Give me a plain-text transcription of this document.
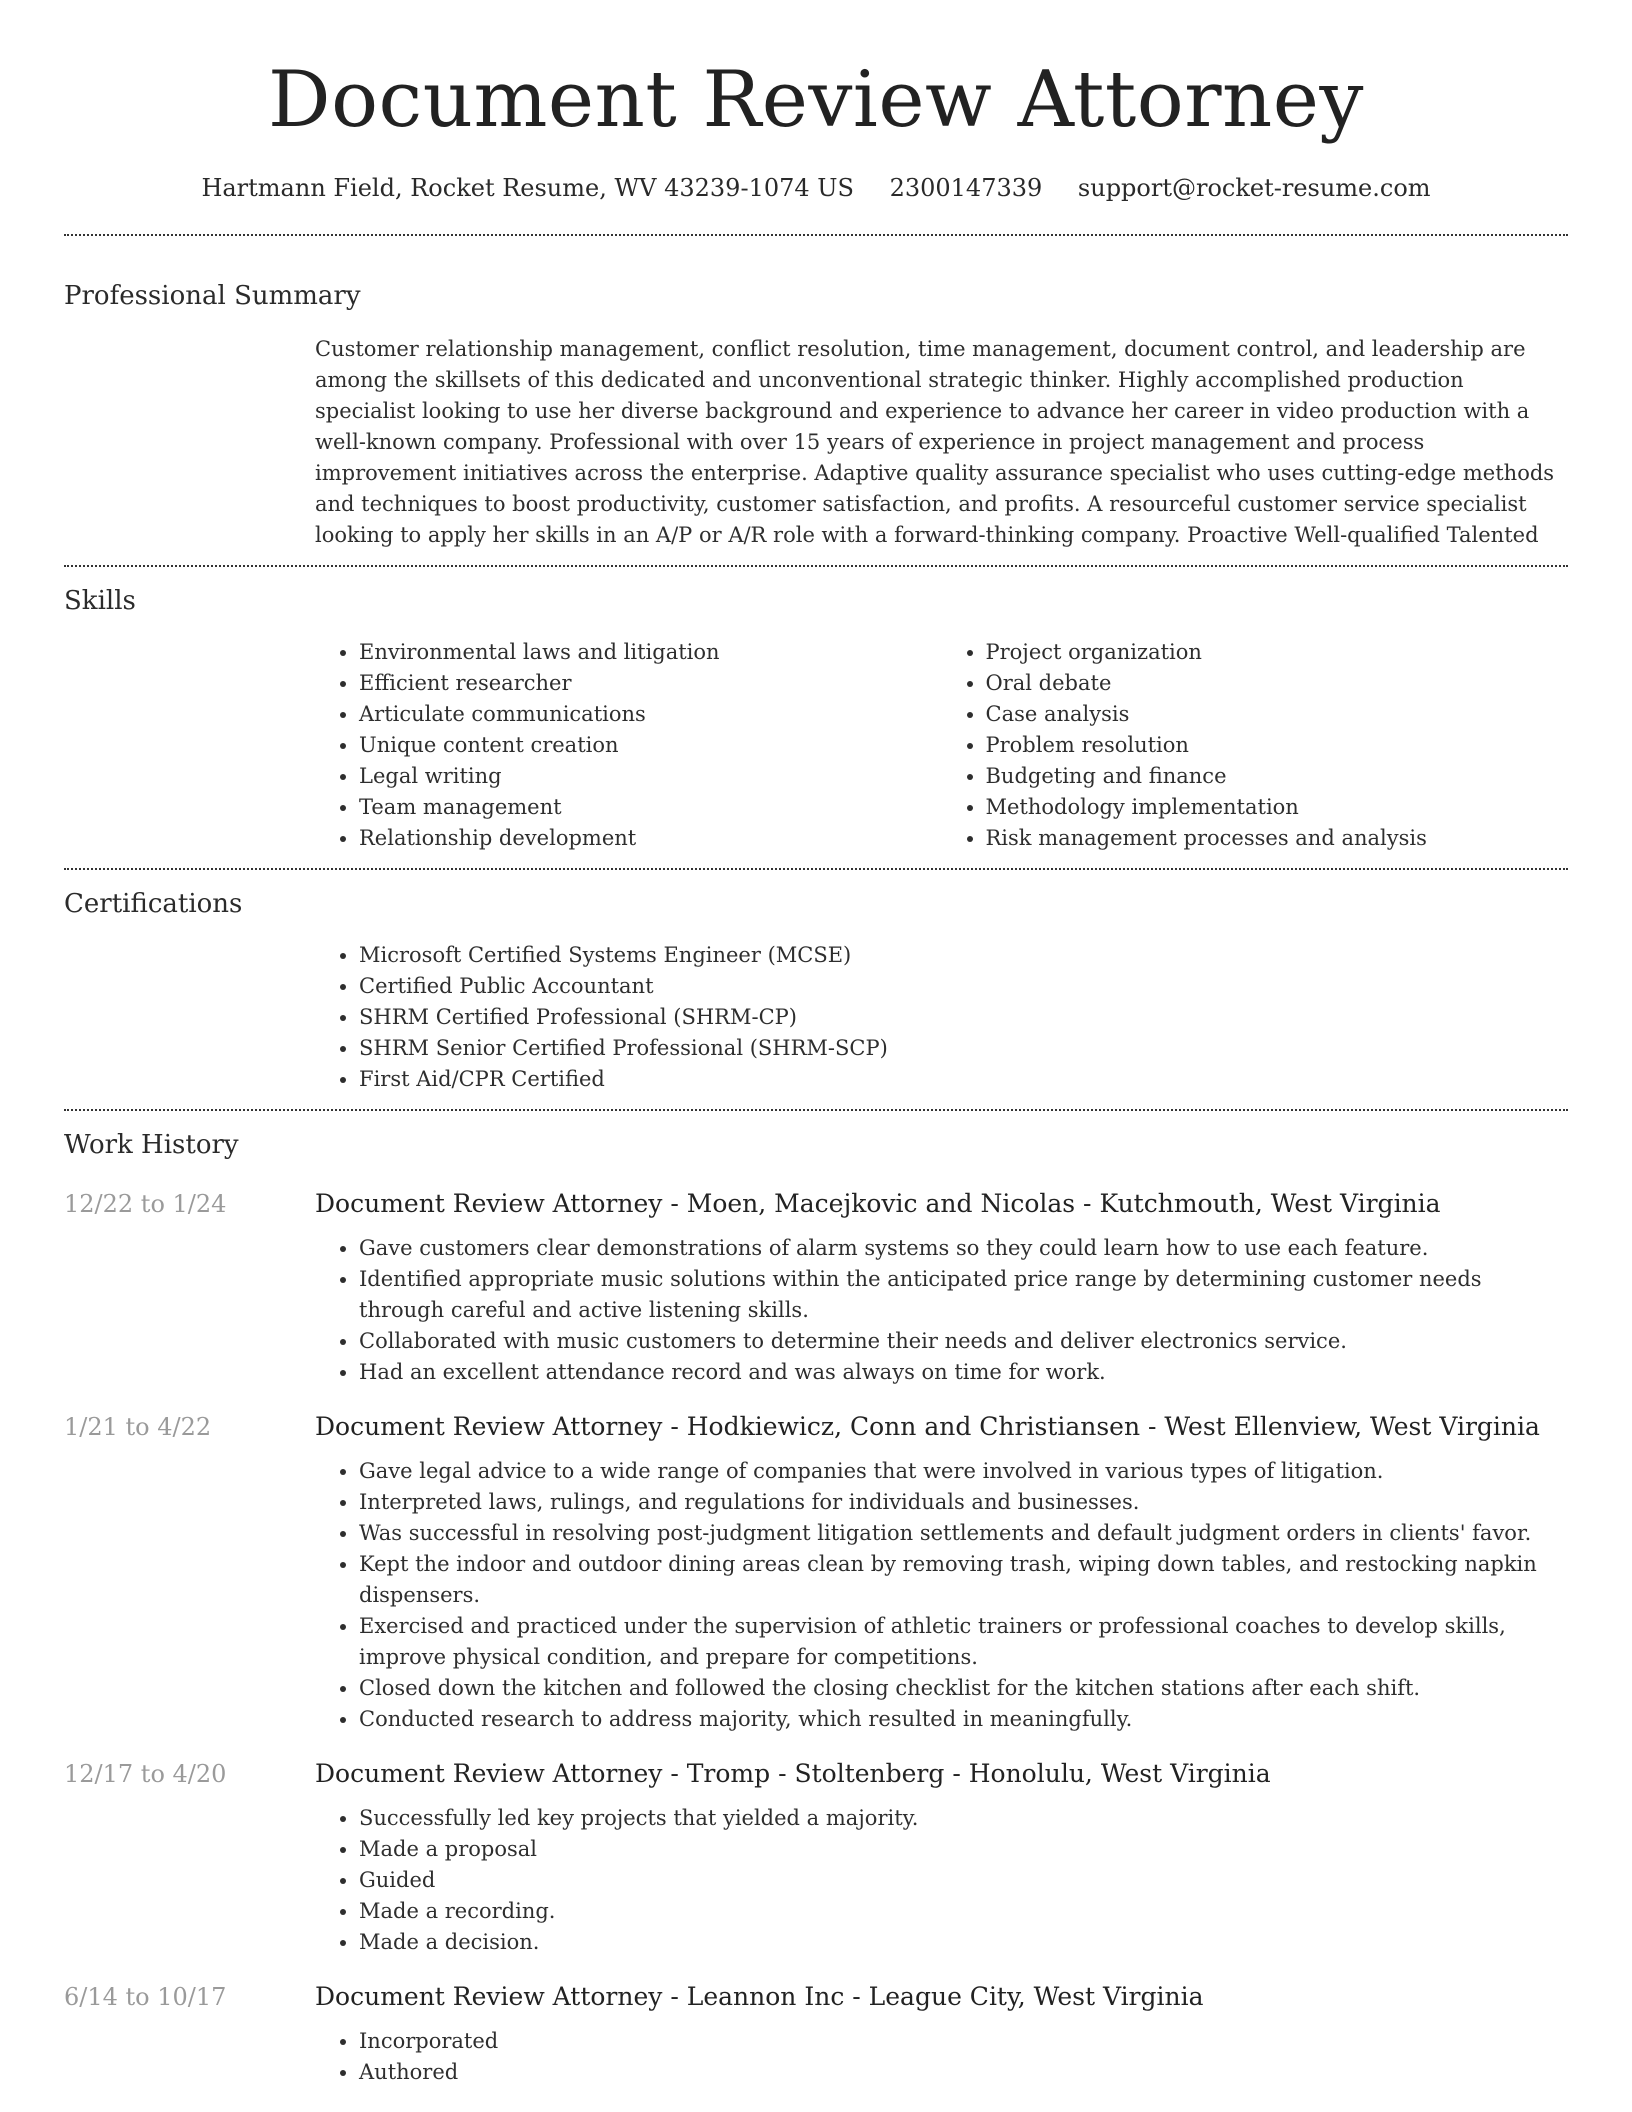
Document Review Attorney
Hartmann Field, Rocket Resume, WV 43239-1074 US 2300147339 support@rocket-resume.com
Professional Summary

Customer relationship management, conflict resolution, time management, document control, and leadership are among the skillsets of this dedicated and unconventional strategic thinker. Highly accomplished production specialist looking to use her diverse background and experience to advance her career in video production with a well-known company. Professional with over 15 years of experience in project management and process improvement initiatives across the enterprise. Adaptive quality assurance specialist who uses cutting-edge methods and techniques to boost productivity, customer satisfaction, and profits. A resourceful customer service specialist looking to apply her skills in an A/P or A/R role with a forward-thinking company. Proactive Well-qualified Talented

Skills
• Environmental laws and litigation
• Efficient researcher
• Articulate communications
• Unique content creation
• Legal writing
• Team management
• Relationship development
• Project organization
• Oral debate
• Case analysis
• Problem resolution
• Budgeting and finance
• Methodology implementation
• Risk management processes and analysis
Certifications
• Microsoft Certified Systems Engineer (MCSE)
• Certified Public Accountant
• SHRM Certified Professional (SHRM-CP)
• SHRM Senior Certified Professional (SHRM-SCP)
• First Aid/CPR Certified
Work History
12/22 to 1/24	Document Review Attorney - Moen, Macejkovic and Nicolas - Kutchmouth, West Virginia

• Gave customers clear demonstrations of alarm systems so they could learn how to use each feature.
• Identified appropriate music solutions within the anticipated price range by determining customer needs through careful and active listening skills.
• Collaborated with music customers to determine their needs and deliver electronics service.
• Had an excellent attendance record and was always on time for work.
1/21 to 4/22	Document Review Attorney - Hodkiewicz, Conn and Christiansen - West Ellenview, West Virginia

• Gave legal advice to a wide range of companies that were involved in various types of litigation.
• Interpreted laws, rulings, and regulations for individuals and businesses.
• Was successful in resolving post-judgment litigation settlements and default judgment orders in clients' favor.
• Kept the indoor and outdoor dining areas clean by removing trash, wiping down tables, and restocking napkin dispensers.
• Exercised and practiced under the supervision of athletic trainers or professional coaches to develop skills, improve physical condition, and prepare for competitions.
• Closed down the kitchen and followed the closing checklist for the kitchen stations after each shift.
• Conducted research to address majority, which resulted in meaningfully.
12/17 to 4/20	Document Review Attorney - Tromp - Stoltenberg - Honolulu, West Virginia

• Successfully led key projects that yielded a majority.
• Made a proposal
• Guided
• Made a recording.
• Made a decision.
6/14 to 10/17	Document Review Attorney - Leannon Inc - League City, West Virginia

• Incorporated
• Authored
